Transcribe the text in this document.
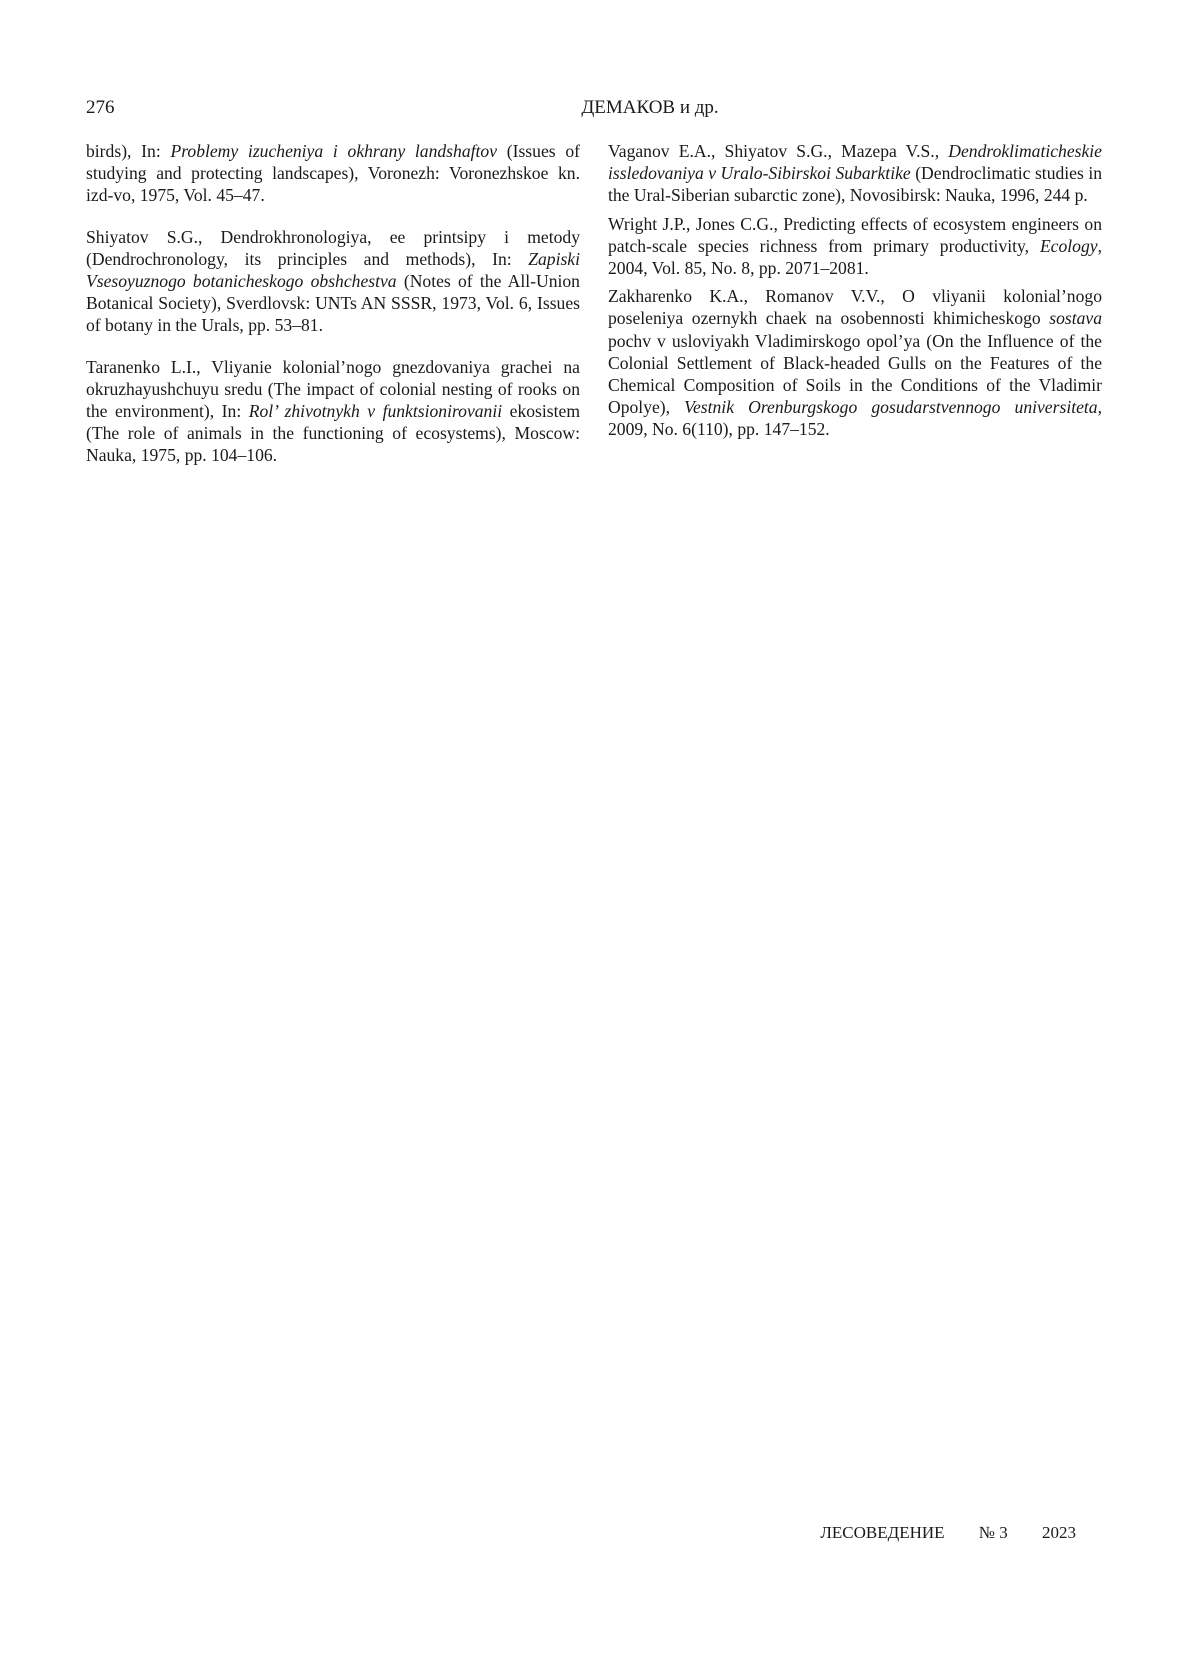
276	ДЕМАКОВ и др.

birds), In: Problemy izucheniya i okhrany landshaftov (Issues of studying and protecting landscapes), Voronezh: Voronezhskoe kn. izd-vo, 1975, Vol. 45–47.

Shiyatov S.G., Dendrokhronologiya, ee printsipy i metody (Dendrochronology, its principles and methods), In: Zapiski Vsesoyuznogo botanicheskogo obshchestva (Notes of the All-Union Botanical Society), Sverdlovsk: UNTs AN SSSR, 1973, Vol. 6, Issues of botany in the Urals, pp. 53–81.

Taranenko L.I., Vliyanie kolonial’nogo gnezdovaniya grachei na okruzhayushchuyu sredu (The impact of colonial nesting of rooks on the environment), In: Rol’ zhivotnykh v funktsionirovanii ekosistem (The role of animals in the functioning of ecosystems), Moscow: Nauka, 1975, pp. 104–106.

Vaganov E.A., Shiyatov S.G., Mazepa V.S., Dendroklimaticheskie issledovaniya v Uralo-Sibirskoi Subarktike (Dendroclimatic studies in the Ural-Siberian subarctic zone), Novosibirsk: Nauka, 1996, 244 p.

Wright J.P., Jones C.G., Predicting effects of ecosystem engineers on patch-scale species richness from primary productivity, Ecology, 2004, Vol. 85, No. 8, pp. 2071–2081.

Zakharenko K.A., Romanov V.V., O vliyanii kolonial’nogo poseleniya ozernykh chaek na osobennosti khimicheskogo sostava pochv v usloviyakh Vladimirskogo opol’ya (On the Influence of the Colonial Settlement of Black-headed Gulls on the Features of the Chemical Composition of Soils in the Conditions of the Vladimir Opolye), Vestnik Orenburgskogo gosudarstvennogo universiteta, 2009, No. 6(110), pp. 147–152.

ЛЕСОВЕДЕНИЕ № 3 2023
